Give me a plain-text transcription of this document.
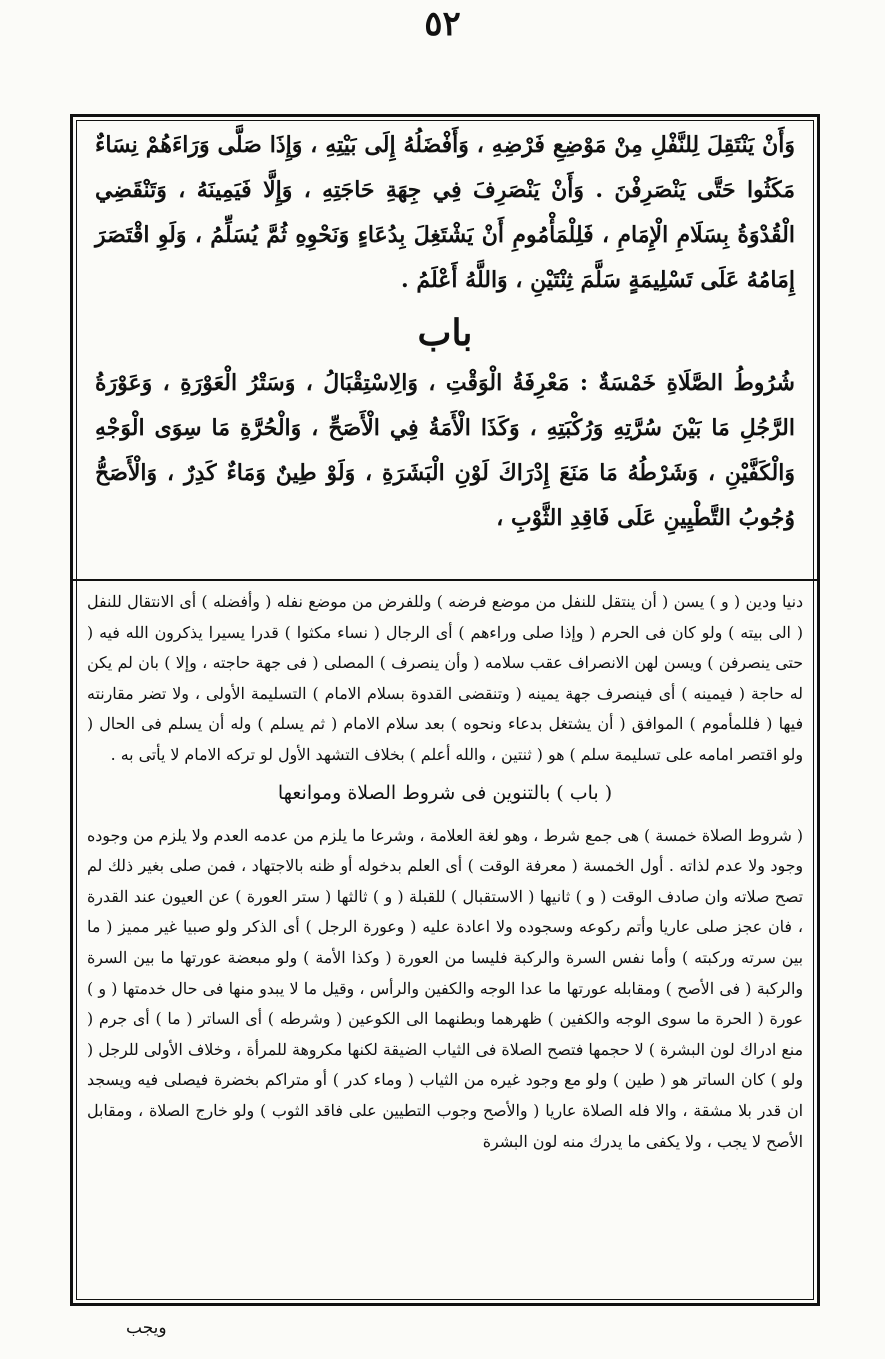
٥٢

وَأَنْ يَنْتَقِلَ لِلنَّفْلِ مِنْ مَوْضِعِ فَرْضِهِ ، وَأَفْضَلُهُ إِلَى بَيْتِهِ ، وَإِذَا صَلَّى وَرَاءَهُمْ نِسَاءٌ مَكَثُوا حَتَّى يَنْصَرِفْنَ . وَأَنْ يَنْصَرِفَ فِي جِهَةِ حَاجَتِهِ ، وَإِلَّا فَيَمِينَهُ ، وَتَنْقَضِي الْقُدْوَةُ بِسَلَامِ الْإِمَامِ ، فَلِلْمَأْمُومِ أَنْ يَشْتَغِلَ بِدُعَاءٍ وَنَحْوِهِ ثُمَّ يُسَلِّمُ ، وَلَوِ اقْتَصَرَ إِمَامُهُ عَلَى تَسْلِيمَةٍ سَلَّمَ ثِنْتَيْنِ ، وَاللَّهُ أَعْلَمُ .

باب

شُرُوطُ الصَّلَاةِ خَمْسَةٌ : مَعْرِفَةُ الْوَقْتِ ، وَالِاسْتِقْبَالُ ، وَسَتْرُ الْعَوْرَةِ ، وَعَوْرَةُ الرَّجُلِ مَا بَيْنَ سُرَّتِهِ وَرُكْبَتِهِ ، وَكَذَا الْأَمَةُ فِي الْأَصَحِّ ، وَالْحُرَّةِ مَا سِوَى الْوَجْهِ وَالْكَفَّيْنِ ، وَشَرْطُهُ مَا مَنَعَ إِدْرَاكَ لَوْنِ الْبَشَرَةِ ، وَلَوْ طِينٌ وَمَاءٌ كَدِرٌ ، وَالْأَصَحُّ وُجُوبُ التَّطْيِينِ عَلَى فَاقِدِ الثَّوْبِ ،

دنيا ودين ( و ) يسن ( أن ينتقل للنفل من موضع فرضه ) وللفرض من موضع نفله ( وأفضله ) أى الانتقال للنفل ( الى بيته ) ولو كان فى الحرم ( وإذا صلى وراءهم ) أى الرجال ( نساء مكثوا ) قدرا يسيرا يذكرون الله فيه ( حتى ينصرفن ) ويسن لهن الانصراف عقب سلامه ( وأن ينصرف ) المصلى ( فى جهة حاجته ، وإلا ) بان لم يكن له حاجة ( فيمينه ) أى فينصرف جهة يمينه ( وتنقضى القدوة بسلام الامام ) التسليمة الأولى ، ولا تضر مقارنته فيها ( فللمأموم ) الموافق ( أن يشتغل بدعاء ونحوه ) بعد سلام الامام ( ثم يسلم ) وله أن يسلم فى الحال ( ولو اقتصر امامه على تسليمة سلم ) هو ( ثنتين ، والله أعلم ) بخلاف التشهد الأول لو تركه الامام لا يأتى به .

( باب ) بالتنوين فى شروط الصلاة وموانعها

( شروط الصلاة خمسة ) هى جمع شرط ، وهو لغة العلامة ، وشرعا ما يلزم من عدمه العدم ولا يلزم من وجوده وجود ولا عدم لذاته . أول الخمسة ( معرفة الوقت ) أى العلم بدخوله أو ظنه بالاجتهاد ، فمن صلى بغير ذلك لم تصح صلاته وان صادف الوقت ( و ) ثانيها ( الاستقبال ) للقبلة ( و ) ثالثها ( ستر العورة ) عن العيون عند القدرة ، فان عجز صلى عاريا وأتم ركوعه وسجوده ولا اعادة عليه ( وعورة الرجل ) أى الذكر ولو صبيا غير مميز ( ما بين سرته وركبته ) وأما نفس السرة والركبة فليسا من العورة ( وكذا الأمة ) ولو مبعضة عورتها ما بين السرة والركبة ( فى الأصح ) ومقابله عورتها ما عدا الوجه والكفين والرأس ، وقيل ما لا يبدو منها فى حال خدمتها ( و ) عورة ( الحرة ما سوى الوجه والكفين ) ظهرهما وبطنهما الى الكوعين ( وشرطه ) أى الساتر ( ما ) أى جرم ( منع ادراك لون البشرة ) لا حجمها فتصح الصلاة فى الثياب الضيقة لكنها مكروهة للمرأة ، وخلاف الأولى للرجل ( ولو ) كان الساتر هو ( طين ) ولو مع وجود غيره من الثياب ( وماء كدر ) أو متراكم بخضرة فيصلى فيه ويسجد ان قدر بلا مشقة ، والا فله الصلاة عاريا ( والأصح وجوب التطيين على فاقد الثوب ) ولو خارج الصلاة ، ومقابل الأصح لا يجب ، ولا يكفى ما يدرك منه لون البشرة

ويجب
